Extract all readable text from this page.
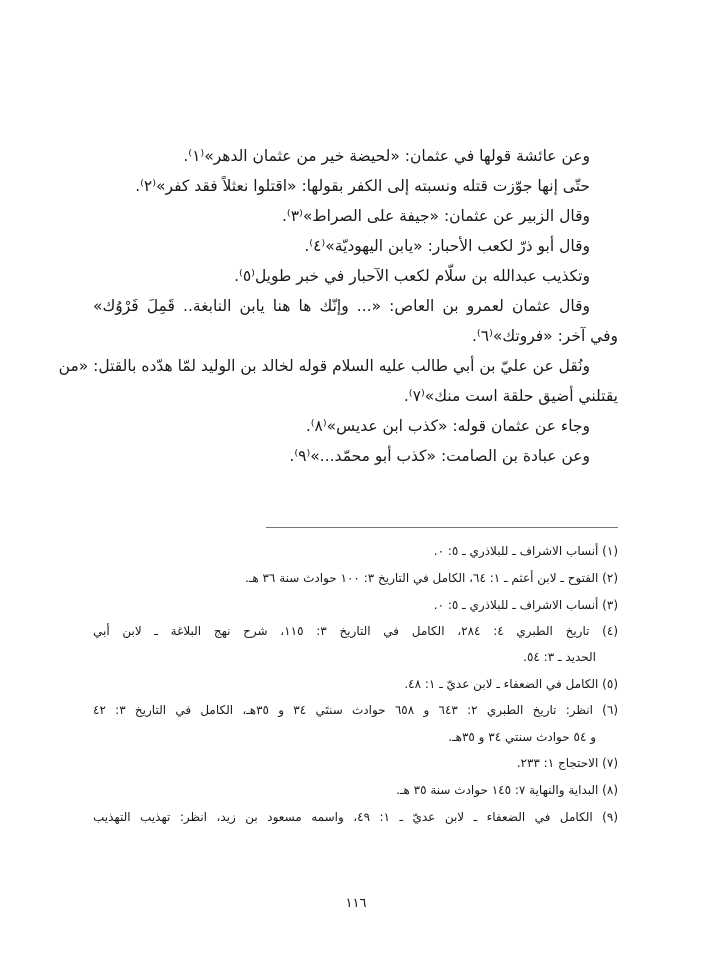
وعن عائشة قولها في عثمان: «لحيضة خير من عثمان الدهر»⁽١⁾.
حتّى إنها جوّزت قتله ونسبته إلى الكفر بقولها: «اقتلوا نعثلاً فقد كفر»⁽٢⁾.
وقال الزبير عن عثمان: «جيفة على الصراط»⁽٣⁾.
وقال أبو ذرّ لكعب الأحبار: «يابن اليهوديّة»⁽٤⁾.
وتكذيب عبدالله بن سلّام لكعب الآحبار في خبر طويل⁽٥⁾.
وقال عثمان لعمرو بن العاص: «... وإنّك ها هنا يابن النابغة.. قَمِلَ فَرْوُك»
وفي آخر: «فروتك»⁽٦⁾.
ونُقل عن عليّ بن أبي طالب عليه السلام قوله لخالد بن الوليد لمّا هدّده بالقتل: «من
يقتلني أضيق حلقة است منك»⁽٧⁾.
وجاء عن عثمان قوله: «كذب ابن عديس»⁽٨⁾.
وعن عبادة بن الصامت: «كذب أبو محمّد...»⁽٩⁾.
(١) أنساب الاشراف ـ للبلاذري ـ ٥: ٠.
(٢) الفتوح ـ لابن أعثم ـ ١: ٦٤، الكامل في التاريخ ٣: ١٠٠ حوادث سنة ٣٦ هـ.
(٣) أنساب الاشراف ـ للبلاذري ـ ٥: ٠.
(٤) تاريخ الطبري ٤: ٢٨٤، الكامل في التاريخ ٣: ١١٥، شرح نهج البلاغة ـ لابن أبي
الحديد ـ ٣: ٥٤.
(٥) الكامل في الضعفاء ـ لابن عديّ ـ ١: ٤٨.
(٦) انظر: تاريخ الطبري ٢: ٦٤٣ و ٦٥٨ حوادث سنتَي ٣٤ و ٣٥هـ، الكامل في التاريخ ٣: ٤٢
و ٥٤ حوادث سنتي ٣٤ و ٣٥هـ.
(٧) الاحتجاج ١: ٢٣٣.
(٨) البداية والنهاية ٧: ١٤٥ حوادث سنة ٣٥ هـ.
(٩) الكامل في الضعفاء ـ لابن عديّ ـ ١: ٤٩، واسمه مسعود بن زيد، انظر: تهذيب التهذيب
١١٦
